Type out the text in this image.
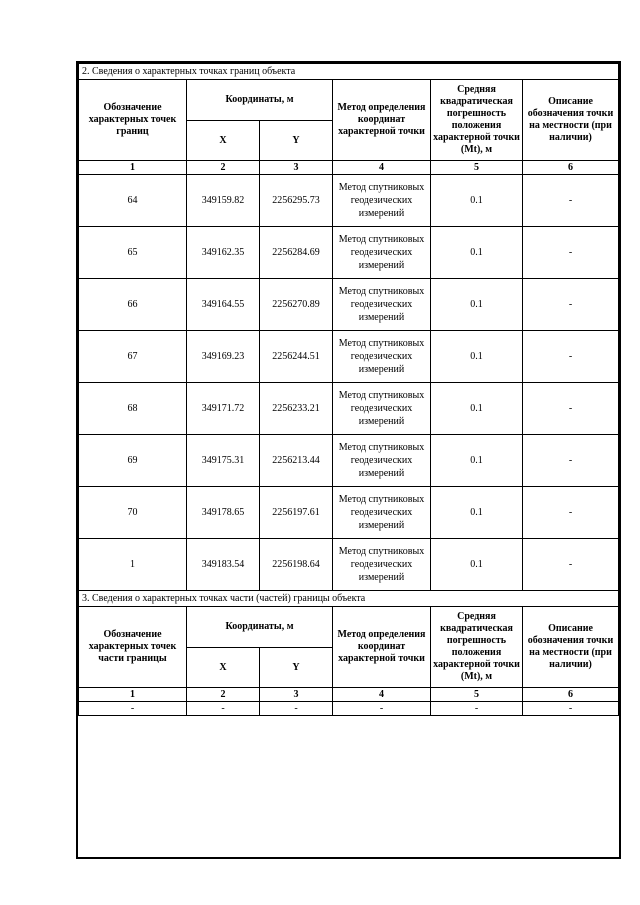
2. Сведения о характерных точках границ объекта					
Обозначение характерных точек границ	Координаты, м		Метод определения координат характерной точки	Средняя квадратическая погрешность положения характерной точки (Mt), м	Описание обозначения точки на местности (при наличии)
	X	Y			
1	2	3	4	5	6
64	349159.82	2256295.73	Метод спутниковых геодезических измерений	0.1	-
65	349162.35	2256284.69	Метод спутниковых геодезических измерений	0.1	-
66	349164.55	2256270.89	Метод спутниковых геодезических измерений	0.1	-
67	349169.23	2256244.51	Метод спутниковых геодезических измерений	0.1	-
68	349171.72	2256233.21	Метод спутниковых геодезических измерений	0.1	-
69	349175.31	2256213.44	Метод спутниковых геодезических измерений	0.1	-
70	349178.65	2256197.61	Метод спутниковых геодезических измерений	0.1	-
1	349183.54	2256198.64	Метод спутниковых геодезических измерений	0.1	-
3. Сведения о характерных точках части (частей) границы объекта					
Обозначение характерных точек части границы	Координаты, м		Метод определения координат характерной точки	Средняя квадратическая погрешность положения характерной точки (Mt), м	Описание обозначения точки на местности (при наличии)
	X	Y			
1	2	3	4	5	6
-	-	-	-	-	-
